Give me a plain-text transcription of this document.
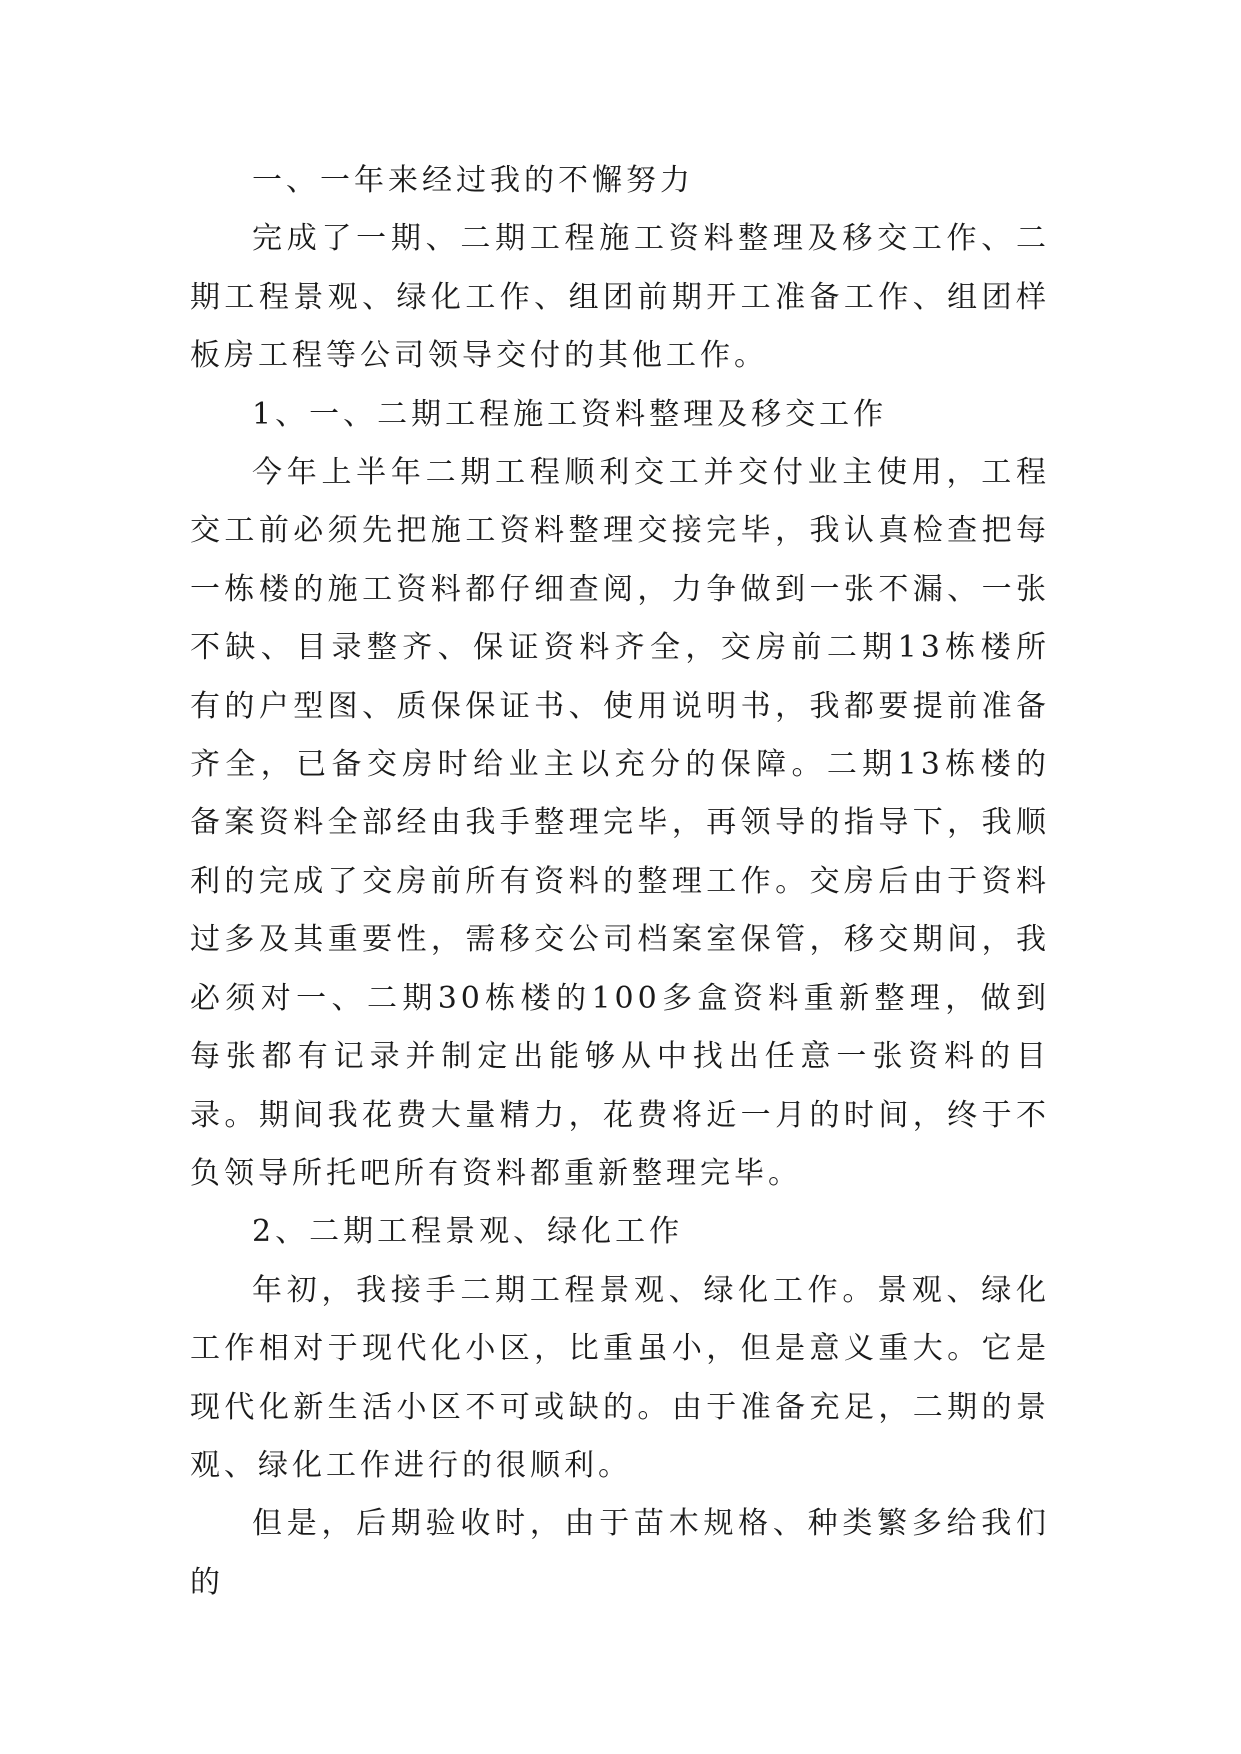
一、一年来经过我的不懈努力

完成了一期、二期工程施工资料整理及移交工作、二期工程景观、绿化工作、组团前期开工准备工作、组团样板房工程等公司领导交付的其他工作。

1、一、二期工程施工资料整理及移交工作

今年上半年二期工程顺利交工并交付业主使用，工程交工前必须先把施工资料整理交接完毕，我认真检查把每一栋楼的施工资料都仔细查阅，力争做到一张不漏、一张不缺、目录整齐、保证资料齐全，交房前二期13栋楼所有的户型图、质保保证书、使用说明书，我都要提前准备齐全，已备交房时给业主以充分的保障。二期13栋楼的备案资料全部经由我手整理完毕，再领导的指导下，我顺利的完成了交房前所有资料的整理工作。交房后由于资料过多及其重要性，需移交公司档案室保管，移交期间，我必须对一、二期30栋楼的100多盒资料重新整理，做到每张都有记录并制定出能够从中找出任意一张资料的目录。期间我花费大量精力，花费将近一月的时间，终于不负领导所托吧所有资料都重新整理完毕。

2、二期工程景观、绿化工作

年初，我接手二期工程景观、绿化工作。景观、绿化工作相对于现代化小区，比重虽小，但是意义重大。它是现代化新生活小区不可或缺的。由于准备充足，二期的景观、绿化工作进行的很顺利。

但是，后期验收时，由于苗木规格、种类繁多给我们的
